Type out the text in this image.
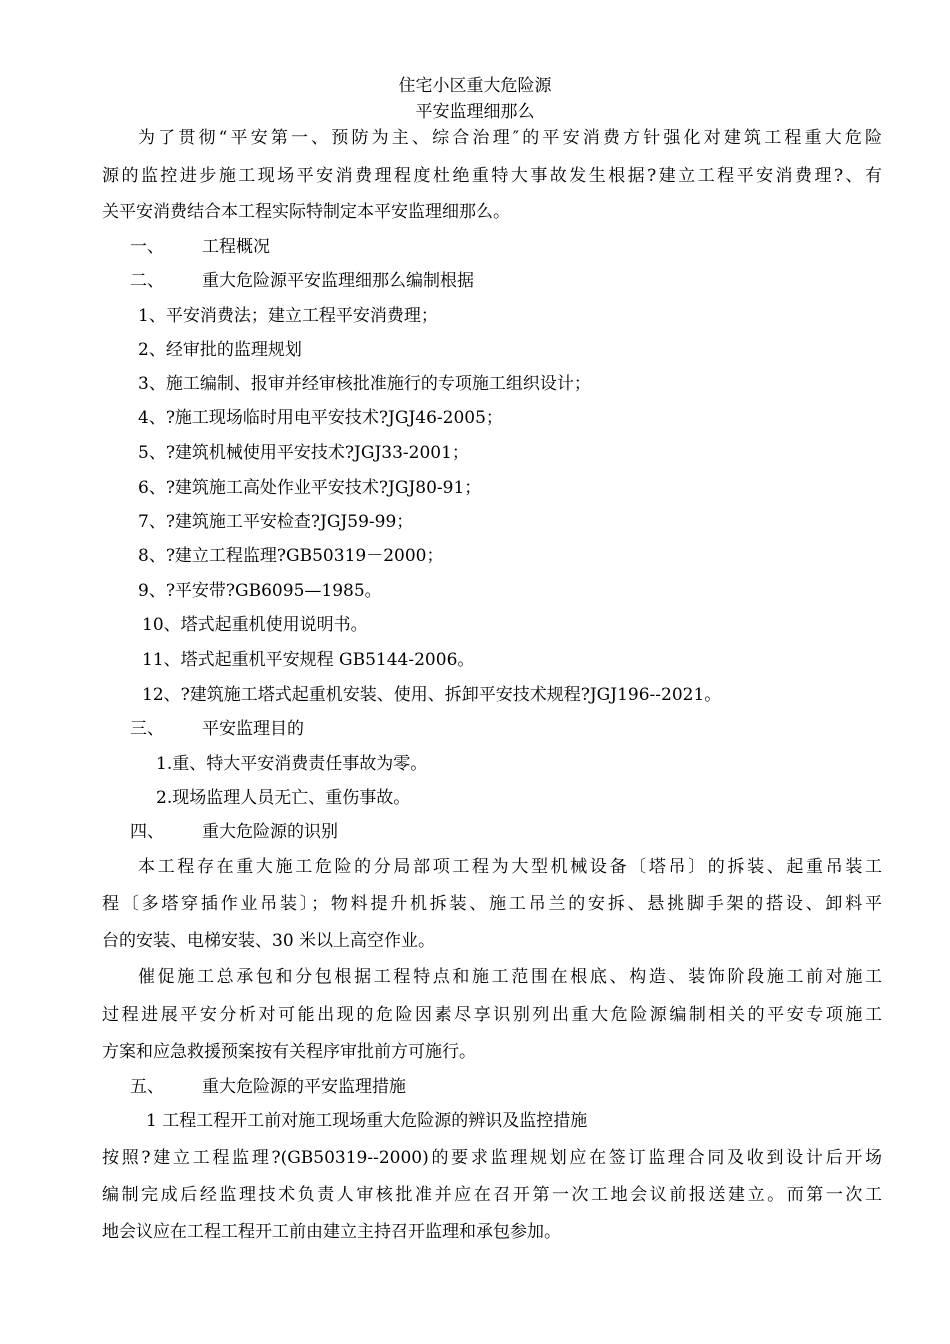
住宅小区重大危险源
平安监理细那么
为了贯彻“平安第一、预防为主、综合治理″的平安消费方针强化对建筑工程重大危险
源的监控进步施工现场平安消费理程度杜绝重特大事故发生根据?建立工程平安消费理?、有
关平安消费结合本工程实际特制定本平安监理细那么。
一、 工程概况
二、 重大危险源平安监理细那么编制根据
1、平安消费法；建立工程平安消费理；
2、经审批的监理规划
3、施工编制、报审并经审核批准施行的专项施工组织设计；
4、?施工现场临时用电平安技术?JGJ46-2005；
5、?建筑机械使用平安技术?JGJ33-2001；
6、?建筑施工高处作业平安技术?JGJ80-91；
7、?建筑施工平安检查?JGJ59-99；
8、?建立工程监理?GB50319－2000；
9、?平安带?GB6095—1985。
10、塔式起重机使用说明书。
11、塔式起重机平安规程 GB5144-2006。
12、?建筑施工塔式起重机安装、使用、拆卸平安技术规程?JGJ196--2021。
三、 平安监理目的
1.重、特大平安消费责任事故为零。
2.现场监理人员无亡、重伤事故。
四、 重大危险源的识别
本工程存在重大施工危险的分局部项工程为大型机械设备〔塔吊〕的拆装、起重吊装工
程〔多塔穿插作业吊装〕；物料提升机拆装、施工吊兰的安拆、悬挑脚手架的搭设、卸料平
台的安装、电梯安装、30 米以上高空作业。
催促施工总承包和分包根据工程特点和施工范围在根底、构造、装饰阶段施工前对施工
过程进展平安分析对可能出现的危险因素尽享识别列出重大危险源编制相关的平安专项施工
方案和应急救援预案按有关程序审批前方可施行。
五、 重大危险源的平安监理措施
1 工程工程开工前对施工现场重大危险源的辨识及监控措施
按照?建立工程监理?(GB50319--2000)的要求监理规划应在签订监理合同及收到设计后开场
编制完成后经监理技术负责人审核批准并应在召开第一次工地会议前报送建立。而第一次工
地会议应在工程工程开工前由建立主持召开监理和承包参加。
